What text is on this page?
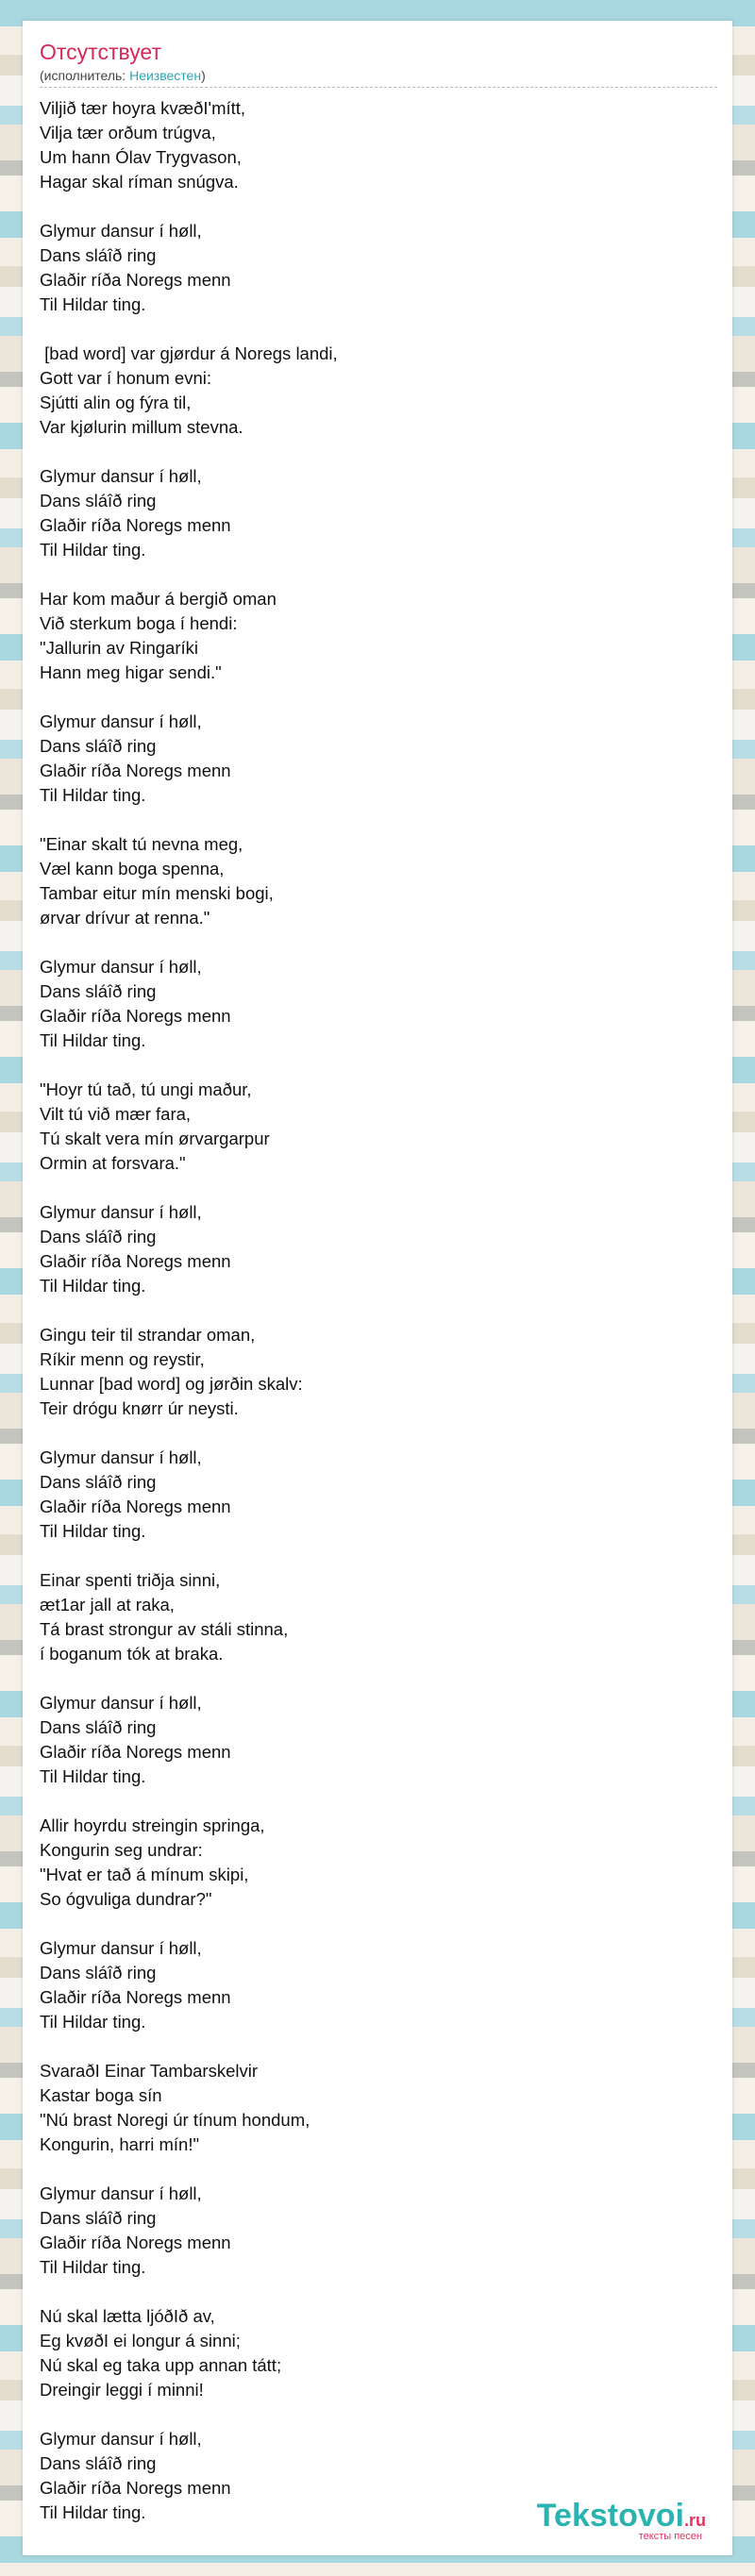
Отсутствует
(исполнитель: Неизвестен)
Viljið tær hoyra kvæðI'mítt,
Vilja tær orðum trúgva,
Um hann Ólav Trygvason,
Hagar skal ríman snúgva.
Glymur dansur í høll,
Dans sláîð ring
Glaðir ríða Noregs menn
Til Hildar ting.
[bad word] var gjørdur á Noregs landi,
Gott var í honum evni:
Sjútti alin og fýra til,
Var kjølurin millum stevna.
Glymur dansur í høll,
Dans sláîð ring
Glaðir ríða Noregs menn
Til Hildar ting.
Har kom maður á bergið oman
Við sterkum boga í hendi:
"Jallurin av Ringaríki
Hann meg higar sendi."
Glymur dansur í høll,
Dans sláîð ring
Glaðir ríða Noregs menn
Til Hildar ting.
"Einar skalt tú nevna meg,
Væl kann boga spenna,
Tambar eitur mín menski bogi,
ørvar drívur at renna."
Glymur dansur í høll,
Dans sláîð ring
Glaðir ríða Noregs menn
Til Hildar ting.
"Hoyr tú tað, tú ungi maður,
Vilt tú við mær fara,
Tú skalt vera mín ørvargarpur
Ormin at forsvara."
Glymur dansur í høll,
Dans sláîð ring
Glaðir ríða Noregs menn
Til Hildar ting.
Gingu teir til strandar oman,
Ríkir menn og reystir,
Lunnar [bad word] og jørðin skalv:
Teir drógu knørr úr neysti.
Glymur dansur í høll,
Dans sláîð ring
Glaðir ríða Noregs menn
Til Hildar ting.
Einar spenti triðja sinni,
æt1ar jall at raka,
Tá brast strongur av stáli stinna,
í boganum tók at braka.
Glymur dansur í høll,
Dans sláîð ring
Glaðir ríða Noregs menn
Til Hildar ting.
Allir hoyrdu streingin springa,
Kongurin seg undrar:
"Hvat er tað á mínum skipi,
So ógvuliga dundrar?"
Glymur dansur í høll,
Dans sláîð ring
Glaðir ríða Noregs menn
Til Hildar ting.
SvaraðI Einar Tambarskelvir
Kastar boga sín
"Nú brast Noregi úr tínum hondum,
Kongurin, harri mín!"
Glymur dansur í høll,
Dans sláîð ring
Glaðir ríða Noregs menn
Til Hildar ting.
Nú skal lætta ljóðIð av,
Eg kvøðI ei longur á sinni;
Nú skal eg taka upp annan tátt;
Dreingir leggi í minni!
Glymur dansur í høll,
Dans sláîð ring
Glaðir ríða Noregs menn
Til Hildar ting.	Tekstovoi.ru
тексты песен
